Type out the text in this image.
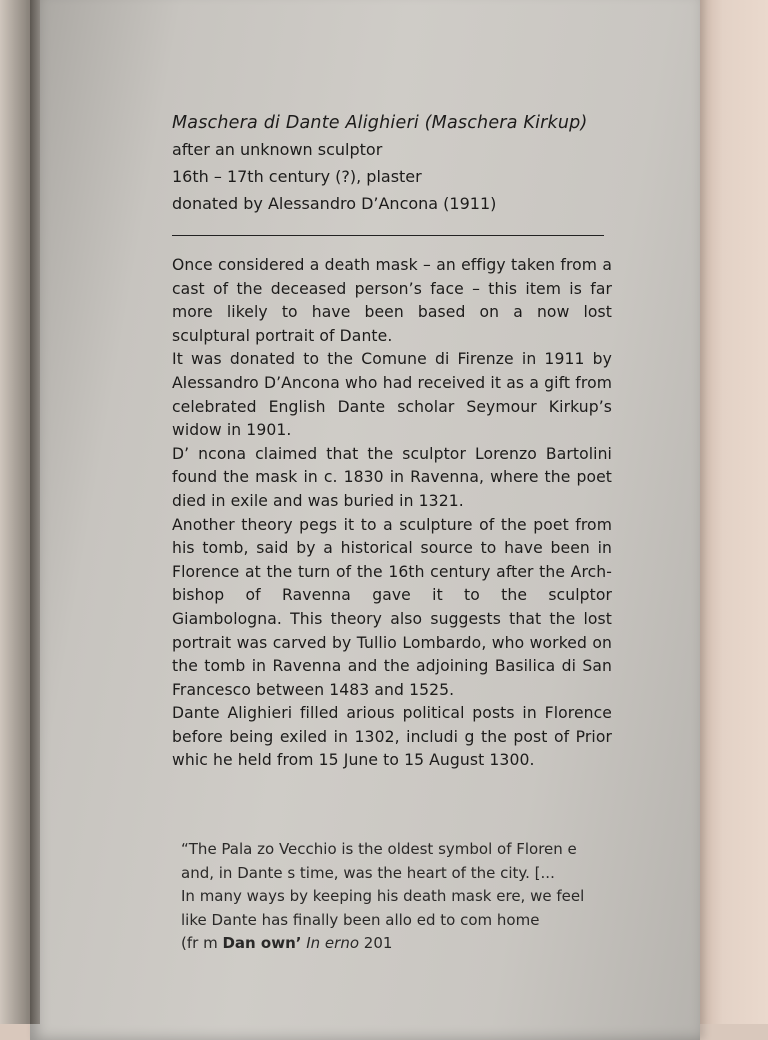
Maschera di Dante Alighieri (Maschera Kirkup)

after an unknown sculptor

16th – 17th century (?), plaster

donated by Alessandro D’Ancona (1911)

Once considered a death mask – an effigy taken from a cast of the deceased person’s face – this item is far more likely to have been based on a now lost sculptural portrait of Dante.

It was donated to the Comune di Firenze in 1911 by Alessandro D’Ancona who had received it as a gift from celebrated English Dante scholar Seymour Kirkup’s widow in 1901.

D’ ncona claimed that the sculptor Lorenzo Bartolini found the mask in c. 1830 in Ravenna, where the poet died in exile and was buried in 1321.

Another theory pegs it to a sculpture of the poet from his tomb, said by a historical source to have been in Florence at the turn of the 16th century after the Arch-bishop of Ravenna gave it to the sculptor Giambologna. This theory also suggests that the lost portrait was carved by Tullio Lombardo, who worked on the tomb in Ravenna and the adjoining Basilica di San Francesco between 1483 and 1525.

Dante Alighieri filled arious political posts in Florence before being exiled in 1302, includi g the post of Prior whic he held from 15 June to 15 August 1300.

“The Pala zo Vecchio is the oldest symbol of Floren e

and, in Dante s time, was the heart of the city. [...

In many ways by keeping his death mask ere, we feel

like Dante has finally been allo ed to com home

(fr m Dan own’ In erno 201
